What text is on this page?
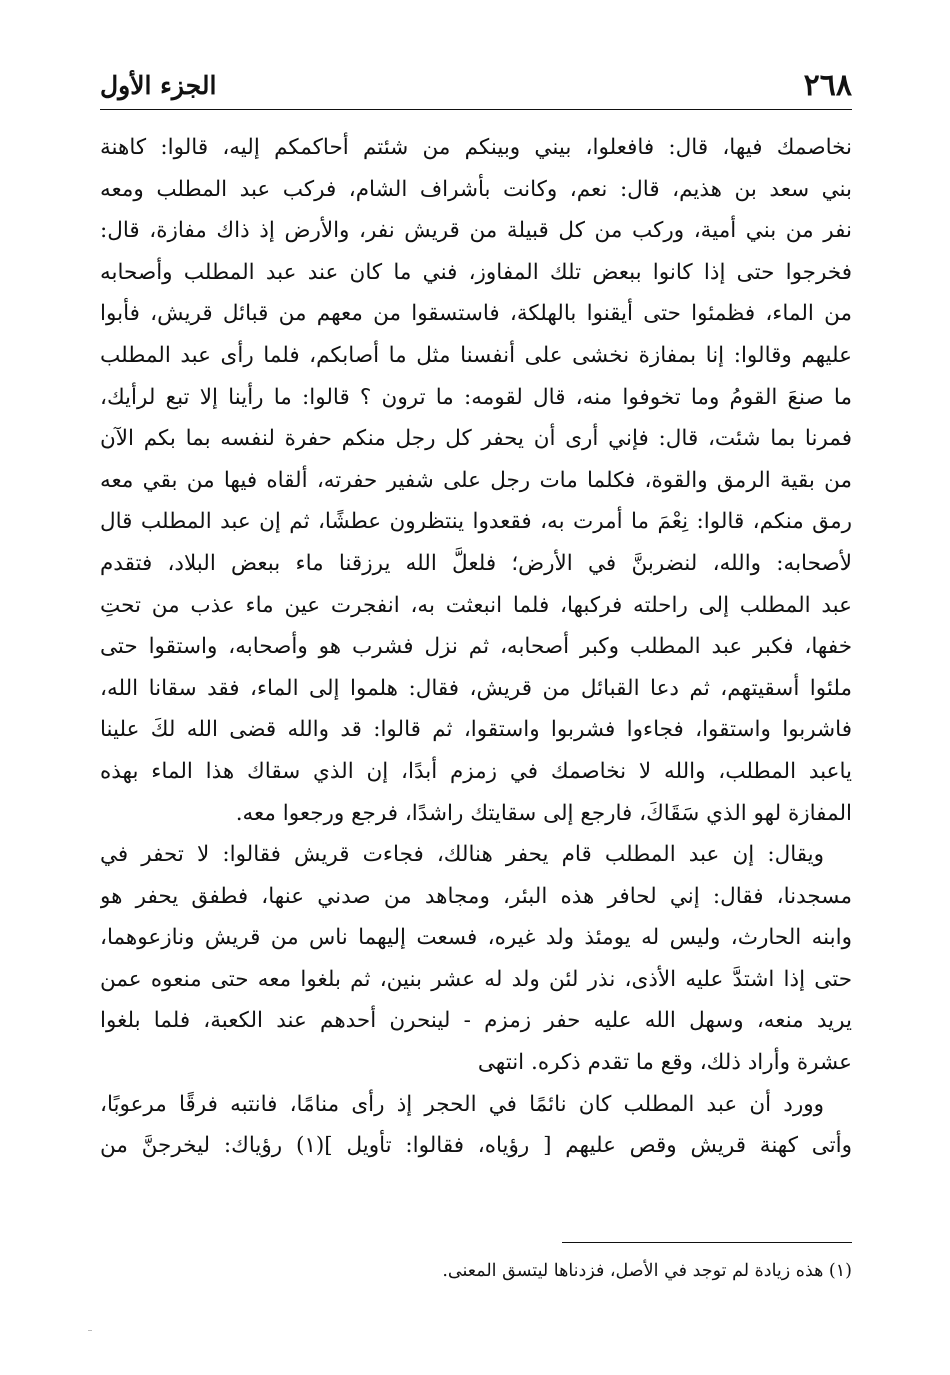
٢٦٨
الجزء الأول
نخاصمك فيها، قال: فافعلوا، بيني وبينكم من شئتم أحاكمكم إليه، قالوا: كاهنة
بني سعد بن هذيم، قال: نعم، وكانت بأشراف الشام، فركب عبد المطلب ومعه
نفر من بني أمية، وركب من كل قبيلة من قريش نفر، والأرض إذ ذاك مفازة، قال:
فخرجوا حتى إذا كانوا ببعض تلك المفاوز، فني ما كان عند عبد المطلب وأصحابه
من الماء، فظمئوا حتى أيقنوا بالهلكة، فاستسقوا من معهم من قبائل قريش، فأبوا
عليهم وقالوا: إنا بمفازة نخشى على أنفسنا مثل ما أصابكم، فلما رأى عبد المطلب
ما صنعَ القومُ وما تخوفوا منه، قال لقومه: ما ترون ؟ قالوا: ما رأينا إلا تبع لرأيك،
فمرنا بما شئت، قال: فإني أرى أن يحفر كل رجل منكم حفرة لنفسه بما بكم الآن
من بقية الرمق والقوة، فكلما مات رجل على شفير حفرته، ألقاه فيها من بقي معه
رمق منكم، قالوا: نِعْمَ ما أمرت به، فقعدوا ينتظرون عطشًا، ثم إن عبد المطلب قال
لأصحابه: والله، لنضربنَّ في الأرض؛ فلعلَّ الله يرزقنا ماء ببعض البلاد، فتقدم
عبد المطلب إلى راحلته فركبها، فلما انبعثت به، انفجرت عين ماء عذب من تحتِ
خفها، فكبر عبد المطلب وكبر أصحابه، ثم نزل فشرب هو وأصحابه، واستقوا حتى
ملئوا أسقيتهم، ثم دعا القبائل من قريش، فقال: هلموا إلى الماء، فقد سقانا الله،
فاشربوا واستقوا، فجاءوا فشربوا واستقوا، ثم قالوا: قد والله قضى الله لكَ علينا
ياعبد المطلب، والله لا نخاصمك في زمزم أبدًا، إن الذي سقاك هذا الماء بهذه
المفازة لهو الذي سَقَاكَ، فارجع إلى سقايتك راشدًا، فرجع ورجعوا معه.
ويقال: إن عبد المطلب قام يحفر هنالك، فجاءت قريش فقالوا: لا تحفر في
مسجدنا، فقال: إني لحافر هذه البئر، ومجاهد من صدني عنها، فطفق يحفر هو
وابنه الحارث، وليس له يومئذ ولد غيره، فسعت إليهما ناس من قريش ونازعوهما،
حتى إذا اشتدَّ عليه الأذى، نذر لئن ولد له عشر بنين، ثم بلغوا معه حتى منعوه عمن
يريد منعه، وسهل الله عليه حفر زمزم - لينحرن أحدهم عند الكعبة، فلما بلغوا
عشرة وأراد ذلك، وقع ما تقدم ذكره. انتهى
وورد أن عبد المطلب كان نائمًا في الحجر إذ رأى منامًا، فانتبه فرقًا مرعوبًا،
وأتى كهنة قريش وقص عليهم [ رؤياه، فقالوا: تأويل ](١) رؤياك: ليخرجنَّ من
(١) هذه زيادة لم توجد في الأصل، فزدناها ليتسق المعنى.
